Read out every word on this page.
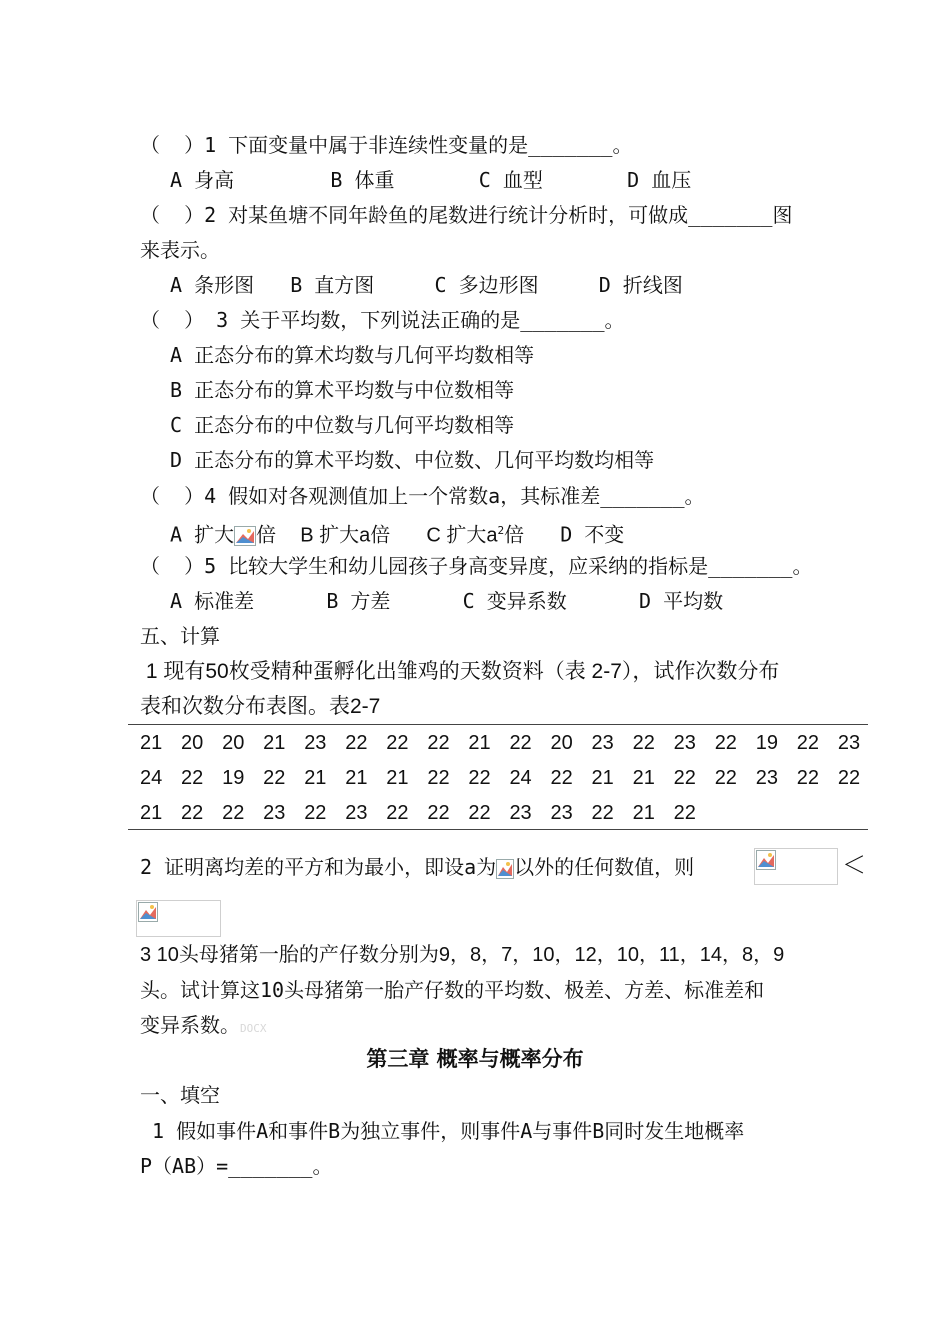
（  ）1 下面变量中属于非连续性变量的是_______。
A 身高        B 体重       C 血型       D 血压
（  ）2 对某鱼塘不同年龄鱼的尾数进行统计分析时，可做成_______图
来表示。
A 条形图   B 直方图     C 多边形图     D 折线图
（  ） 3 关于平均数，下列说法正确的是_______。
A 正态分布的算术均数与几何平均数相等
B 正态分布的算术平均数与中位数相等
C 正态分布的中位数与几何平均数相等
D 正态分布的算术平均数、中位数、几何平均数均相等
（  ）4 假如对各观测值加上一个常数a，其标准差_______。
A 扩大 倍 B 扩大a倍 C 扩大$a^2$倍 D 不变
（  ）5 比较大学生和幼儿园孩子身高变异度，应采纳的指标是_______。
A 标准差      B 方差      C 变异系数      D 平均数
五、计算
1 现有50枚受精种蛋孵化出雏鸡的天数资料（表 2-7），试作次数分布
表和次数分布表图。表2-7
21 20 20 21 23 22 22 22 21 22 20 23 22 23 22 19 22 23
24 22 19 22 21 21 21 22 22 24 22 21 21 22 22 23 22 22
21 22 22 23 22 23 22 22 22 23 23 22 21 22
2 证明离均差的平方和为最小，即设a为 以外的任何数值，则	＜
3 10头母猪第一胎的产仔数分别为9，8，7，10，12，10，11，14，8，9
头。试计算这10头母猪第一胎产仔数的平均数、极差、方差、标准差和
变异系数。DOCX
第三章 概率与概率分布
一、填空
1 假如事件A和事件B为独立事件，则事件A与事件B同时发生地概率
P（AB）=_______。
